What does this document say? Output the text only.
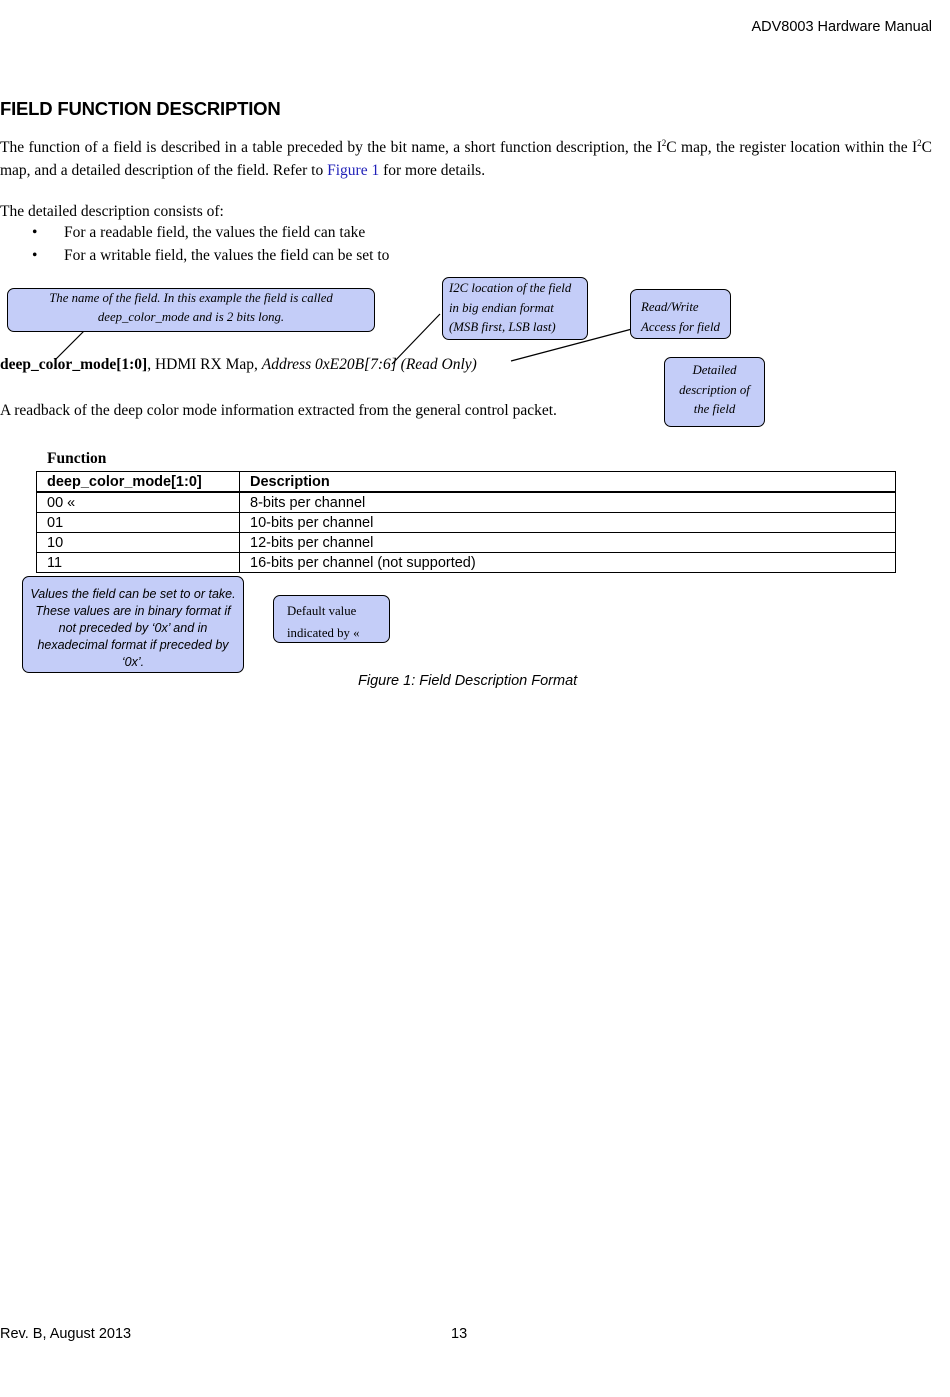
ADV8003 Hardware Manual
FIELD FUNCTION DESCRIPTION
The function of a field is described in a table preceded by the bit name, a short function description, the $I^2C$ map, the register location within the $I^2C$ map, and a detailed description of the field. Refer to Figure 1 for more details.
The detailed description consists of:
• For a readable field, the values the field can take
• For a writable field, the values the field can be set to
The name of the field. In this example the field is called deep_color_mode and is 2 bits long.
I2C location of the field in big endian format (MSB first, LSB last)
Read/Write Access for field
Detailed description of the field
deep_color_mode[1:0], HDMI RX Map, Address 0xE20B[7:6] (Read Only)
A readback of the deep color mode information extracted from the general control packet.
Function
deep_color_mode[1:0]	Description
00 «	8-bits per channel
01	10-bits per channel
10	12-bits per channel
11	16-bits per channel (not supported)
Values the field can be set to or take. These values are in binary format if not preceded by ‘0x’ and in hexadecimal format if preceded by ‘0x’.
Default value indicated by «
Figure 1: Field Description Format
Rev. B, August 2013	13
